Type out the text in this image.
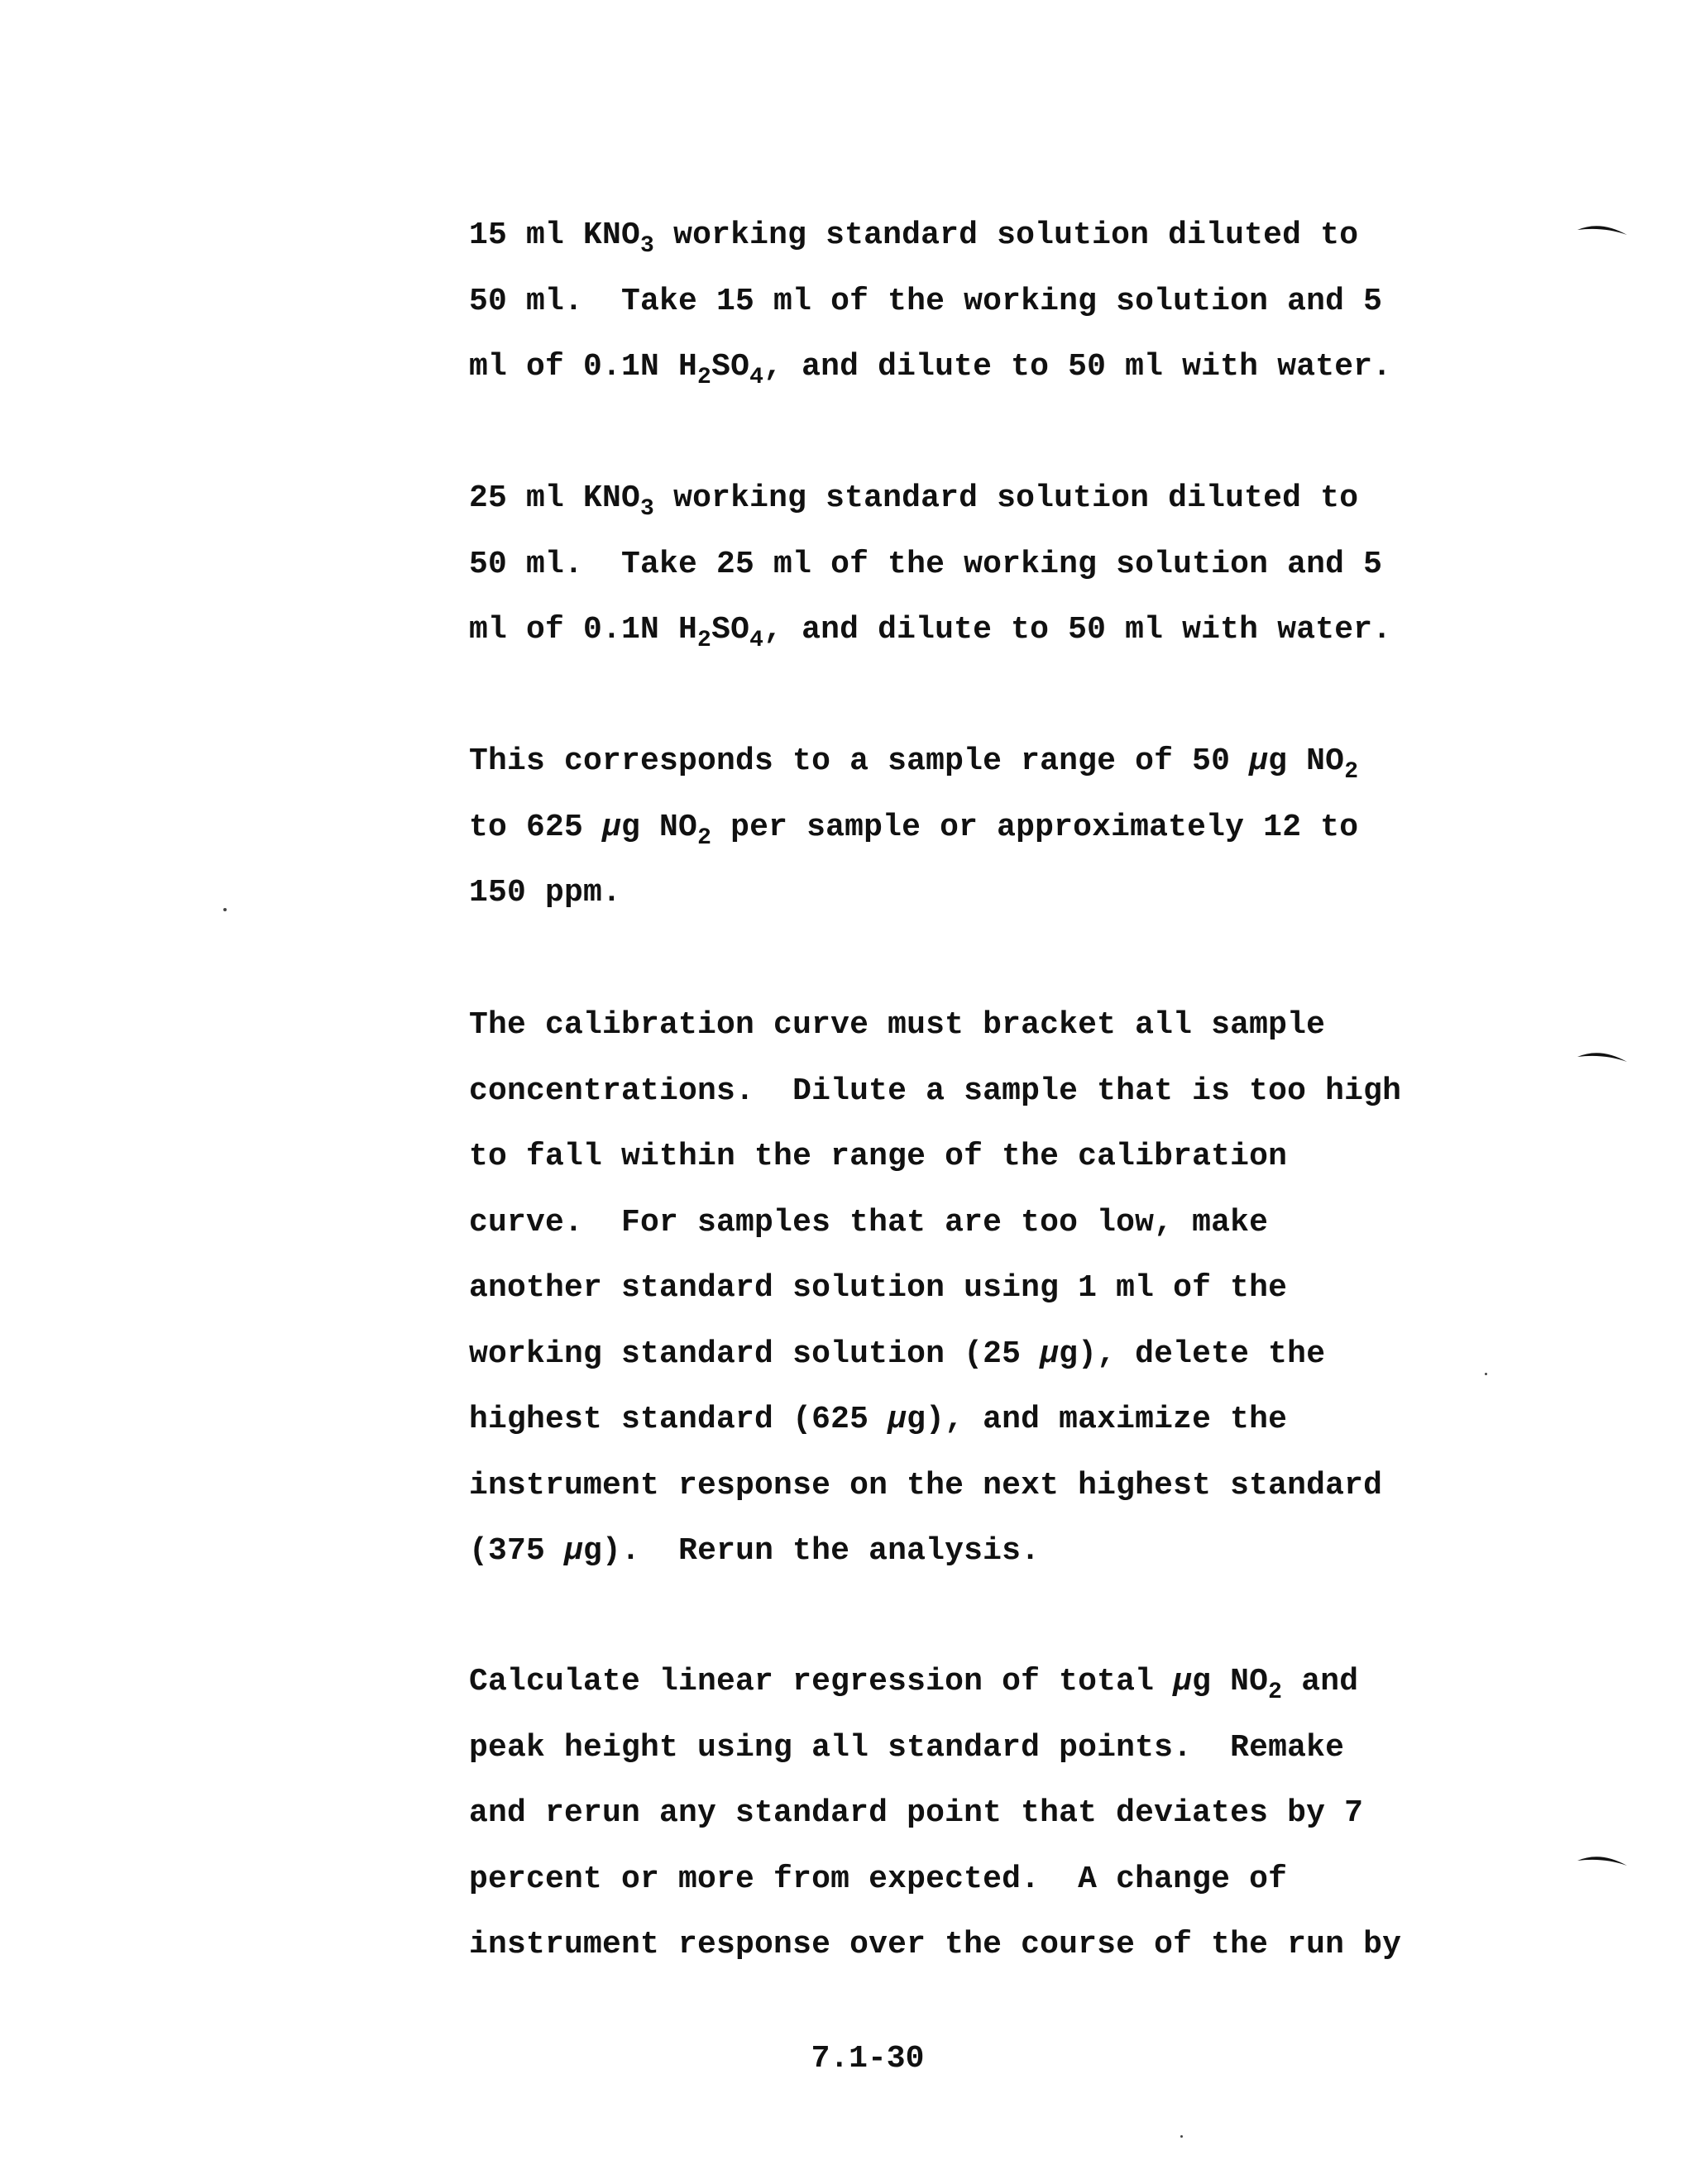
15 ml $KNO_3$ working standard solution diluted to
50 ml.  Take 15 ml of the working solution and 5
ml of 0.1N $H_2SO_4$, and dilute to 50 ml with water.
25 ml $KNO_3$ working standard solution diluted to
50 ml.  Take 25 ml of the working solution and 5
ml of 0.1N $H_2SO_4$, and dilute to 50 ml with water.
This corresponds to a sample range of 50 μg $NO_2$
to 625 μg $NO_2$ per sample or approximately 12 to
150 ppm.
The calibration curve must bracket all sample
concentrations.  Dilute a sample that is too high
to fall within the range of the calibration
curve.  For samples that are too low, make
another standard solution using 1 ml of the
working standard solution (25 μg), delete the
highest standard (625 μg), and maximize the
instrument response on the next highest standard
(375 μg).  Rerun the analysis.
Calculate linear regression of total μg $NO_2$ and
peak height using all standard points.  Remake
and rerun any standard point that deviates by 7
percent or more from expected.  A change of
instrument response over the course of the run by
7.1-30
